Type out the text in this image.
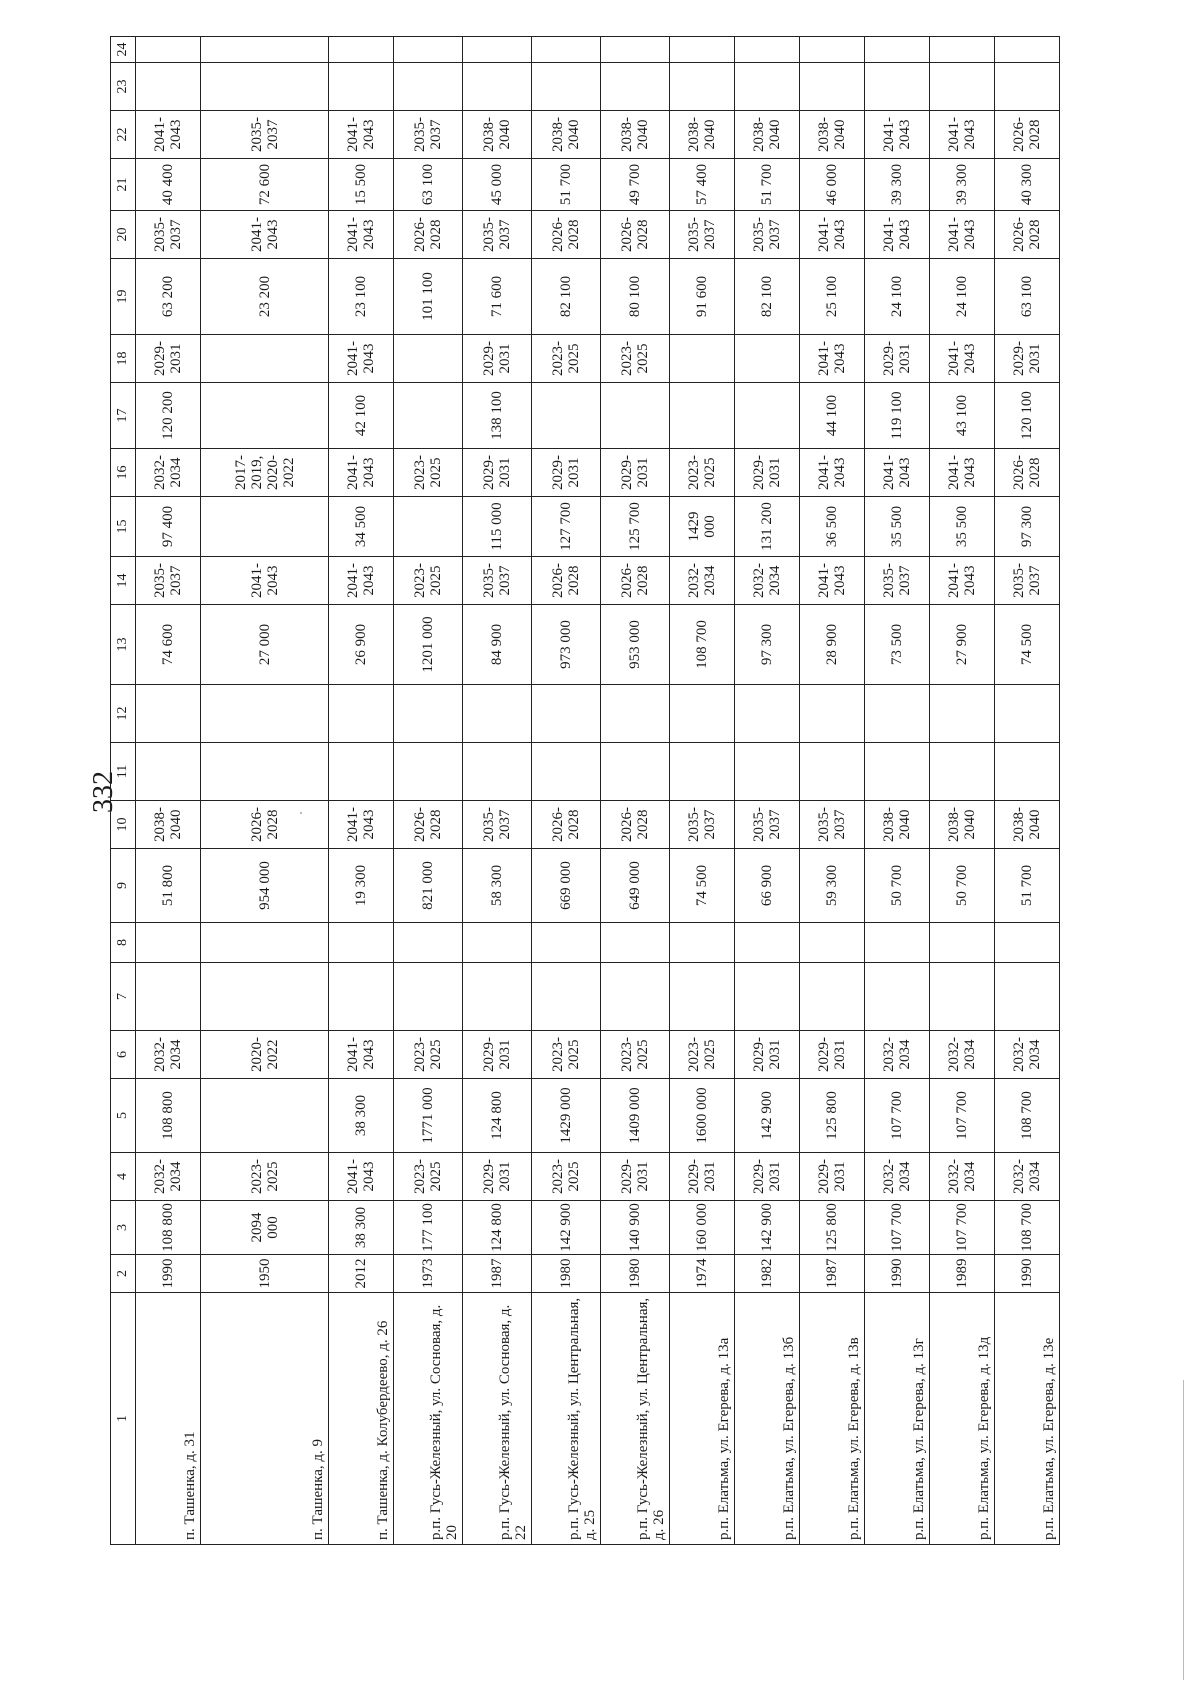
332
1	2	3	4	5	6	7	8	9	10	11	12	13	14	15	16	17	18	19	20	21	22	23	24
п. Ташенка, д. 31	1990	108 800	2032-2034	108 800	2032-2034			51 800	2038-2040			74 600	2035-2037	97 400	2032-2034	120 200	2029-2031	63 200	2035-2037	40 400	2041-2043		
п. Ташенка, д. 9	1950	2094 000	2023-2025		2020-2022			954 000	2026-2028			27 000	2041-2043		2017-2019, 2020-2022			23 200	2041-2043	72 600	2035-2037		
п. Ташенка, д. Колубердеево, д. 26	2012	38 300	2041-2043	38 300	2041-2043			19 300	2041-2043			26 900	2041-2043	34 500	2041-2043	42 100	2041-2043	23 100	2041-2043	15 500	2041-2043		
р.п. Гусь-Железный, ул. Сосновая, д. 20	1973	177 100	2023-2025	1771 000	2023-2025			821 000	2026-2028			1201 000	2023-2025		2023-2025			101 100	2026-2028	63 100	2035-2037		
р.п. Гусь-Железный, ул. Сосновая, д. 22	1987	124 800	2029-2031	124 800	2029-2031			58 300	2035-2037			84 900	2035-2037	115 000	2029-2031	138 100	2029-2031	71 600	2035-2037	45 000	2038-2040		
р.п. Гусь-Железный, ул. Центральная, д. 25	1980	142 900	2023-2025	1429 000	2023-2025			669 000	2026-2028			973 000	2026-2028	127 700	2029-2031		2023-2025	82 100	2026-2028	51 700	2038-2040		
р.п. Гусь-Железный, ул. Центральная, д. 26	1980	140 900	2029-2031	1409 000	2023-2025			649 000	2026-2028			953 000	2026-2028	125 700	2029-2031		2023-2025	80 100	2026-2028	49 700	2038-2040		
р.п. Елатьма, ул. Егерева, д. 13а	1974	160 000	2029-2031	1600 000	2023-2025			74 500	2035-2037			108 700	2032-2034	1429 000	2023-2025			91 600	2035-2037	57 400	2038-2040		
р.п. Елатьма, ул. Егерева, д. 13б	1982	142 900	2029-2031	142 900	2029-2031			66 900	2035-2037			97 300	2032-2034	131 200	2029-2031			82 100	2035-2037	51 700	2038-2040		
р.п. Елатьма, ул. Егерева, д. 13в	1987	125 800	2029-2031	125 800	2029-2031			59 300	2035-2037			28 900	2041-2043	36 500	2041-2043	44 100	2041-2043	25 100	2041-2043	46 000	2038-2040		
р.п. Елатьма, ул. Егерева, д. 13г	1990	107 700	2032-2034	107 700	2032-2034			50 700	2038-2040			73 500	2035-2037	35 500	2041-2043	119 100	2029-2031	24 100	2041-2043	39 300	2041-2043		
р.п. Елатьма, ул. Егерева, д. 13д	1989	107 700	2032-2034	107 700	2032-2034			50 700	2038-2040			27 900	2041-2043	35 500	2041-2043	43 100	2041-2043	24 100	2041-2043	39 300	2041-2043		
р.п. Елатьма, ул. Егерева, д. 13е	1990	108 700	2032-2034	108 700	2032-2034			51 700	2038-2040			74 500	2035-2037	97 300	2026-2028	120 100	2029-2031	63 100	2026-2028	40 300	2026-2028		
